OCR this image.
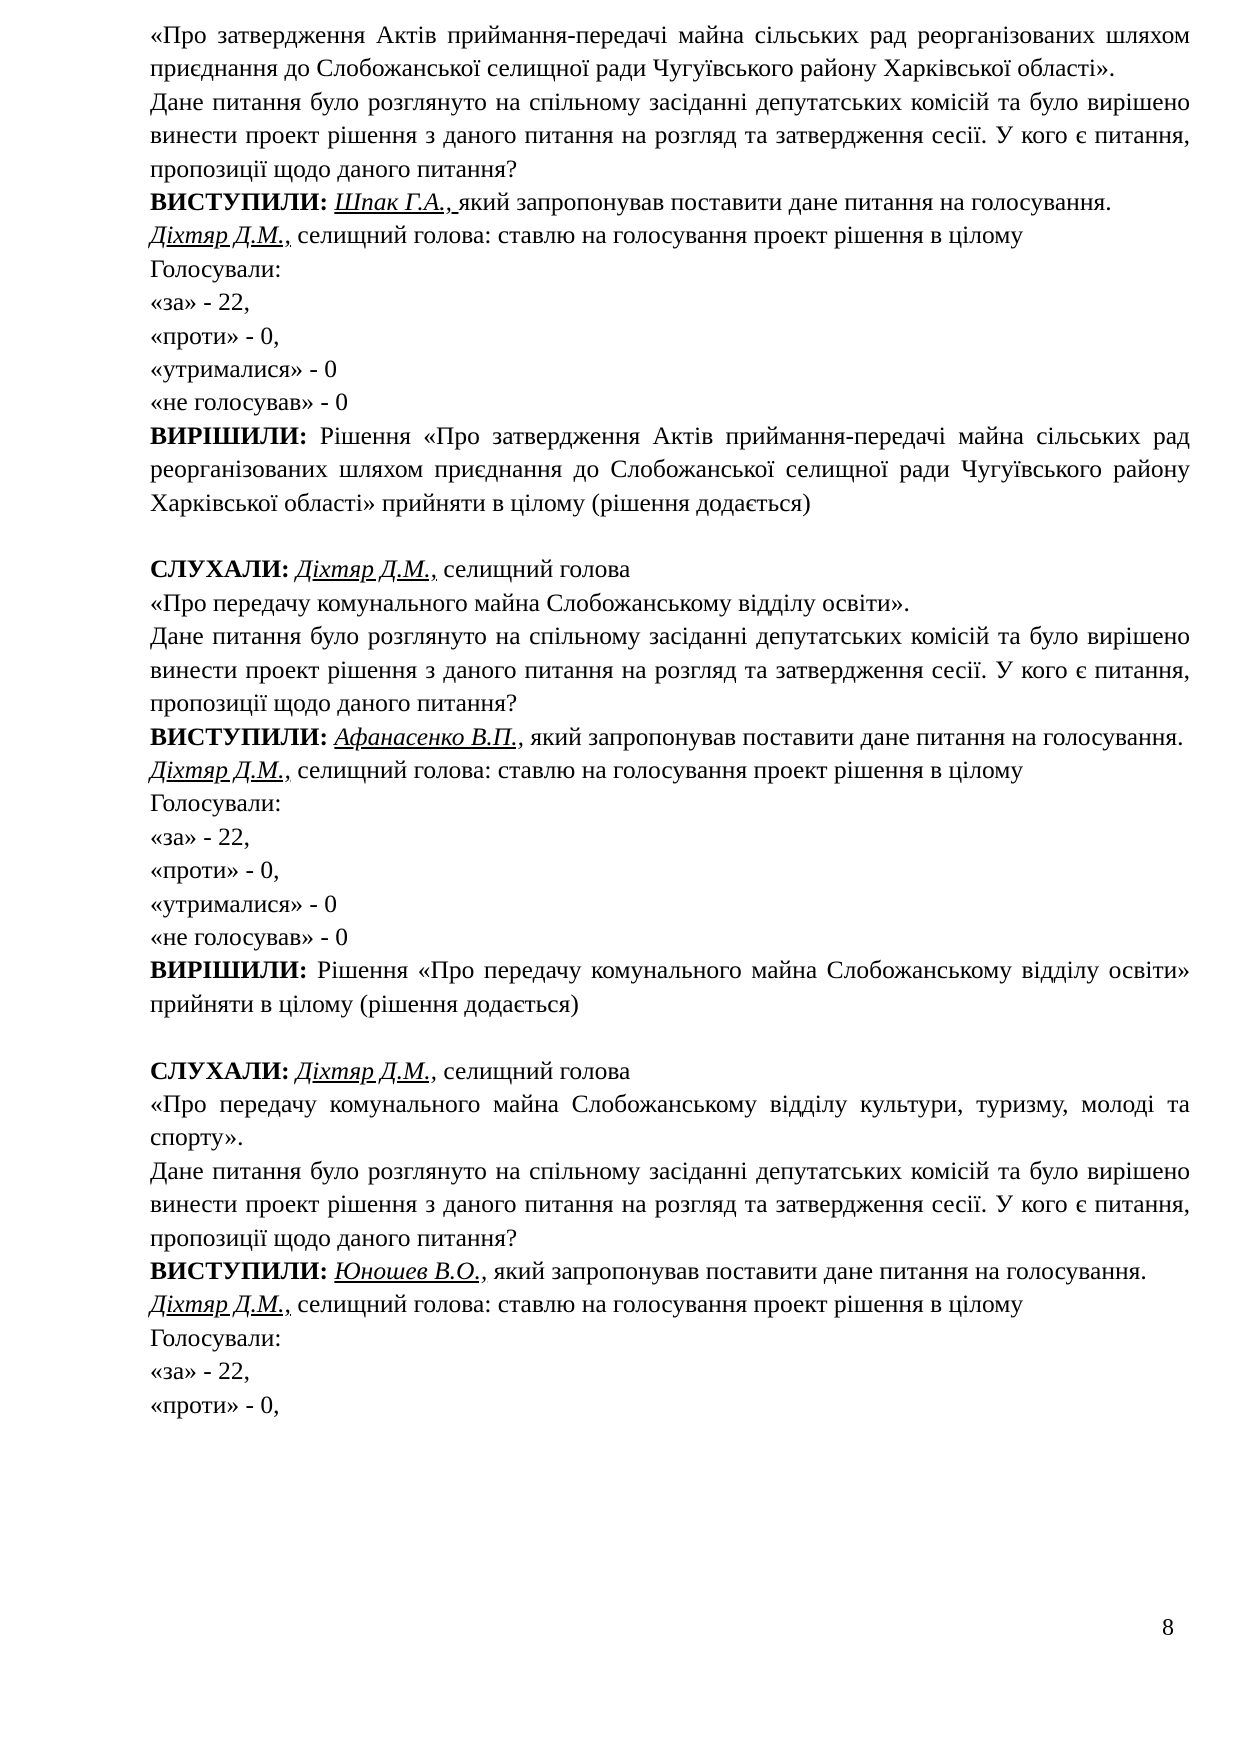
«Про затвердження Актів приймання-передачі майна сільських рад реорганізованих шляхом приєднання до Слобожанської селищної ради Чугуївського району Харківської області».

Дане питання було розглянуто на спільному засіданні депутатських комісій та було вирішено винести проект рішення з даного питання на розгляд та затвердження сесії. У кого є питання, пропозиції щодо даного питання?

ВИСТУПИЛИ: Шпак Г.А., який запропонував поставити дане питання на голосування.

Діхтяр Д.М., селищний голова: ставлю на голосування проект рішення в цілому

Голосували:

«за» - 22,

«проти» - 0,

«утрималися» - 0

«не голосував» - 0

ВИРІШИЛИ: Рішення «Про затвердження Актів приймання-передачі майна сільських рад реорганізованих шляхом приєднання до Слобожанської селищної ради Чугуївського району Харківської області» прийняти в цілому (рішення додається)

СЛУХАЛИ: Діхтяр Д.М., селищний голова

«Про передачу комунального майна Слобожанському відділу освіти».

Дане питання було розглянуто на спільному засіданні депутатських комісій та було вирішено винести проект рішення з даного питання на розгляд та затвердження сесії. У кого є питання, пропозиції щодо даного питання?

ВИСТУПИЛИ: Афанасенко В.П., який запропонував поставити дане питання на голосування.

Діхтяр Д.М., селищний голова: ставлю на голосування проект рішення в цілому

Голосували:

«за» - 22,

«проти» - 0,

«утрималися» - 0

«не голосував» - 0

ВИРІШИЛИ: Рішення «Про передачу комунального майна Слобожанському відділу освіти» прийняти в цілому (рішення додається)

СЛУХАЛИ: Діхтяр Д.М., селищний голова

«Про передачу комунального майна Слобожанському відділу культури, туризму, молоді та спорту».

Дане питання було розглянуто на спільному засіданні депутатських комісій та було вирішено винести проект рішення з даного питання на розгляд та затвердження сесії. У кого є питання, пропозиції щодо даного питання?

ВИСТУПИЛИ: Юношев В.О., який запропонував поставити дане питання на голосування.

Діхтяр Д.М., селищний голова: ставлю на голосування проект рішення в цілому

Голосували:

«за» - 22,

«проти» - 0,

8
